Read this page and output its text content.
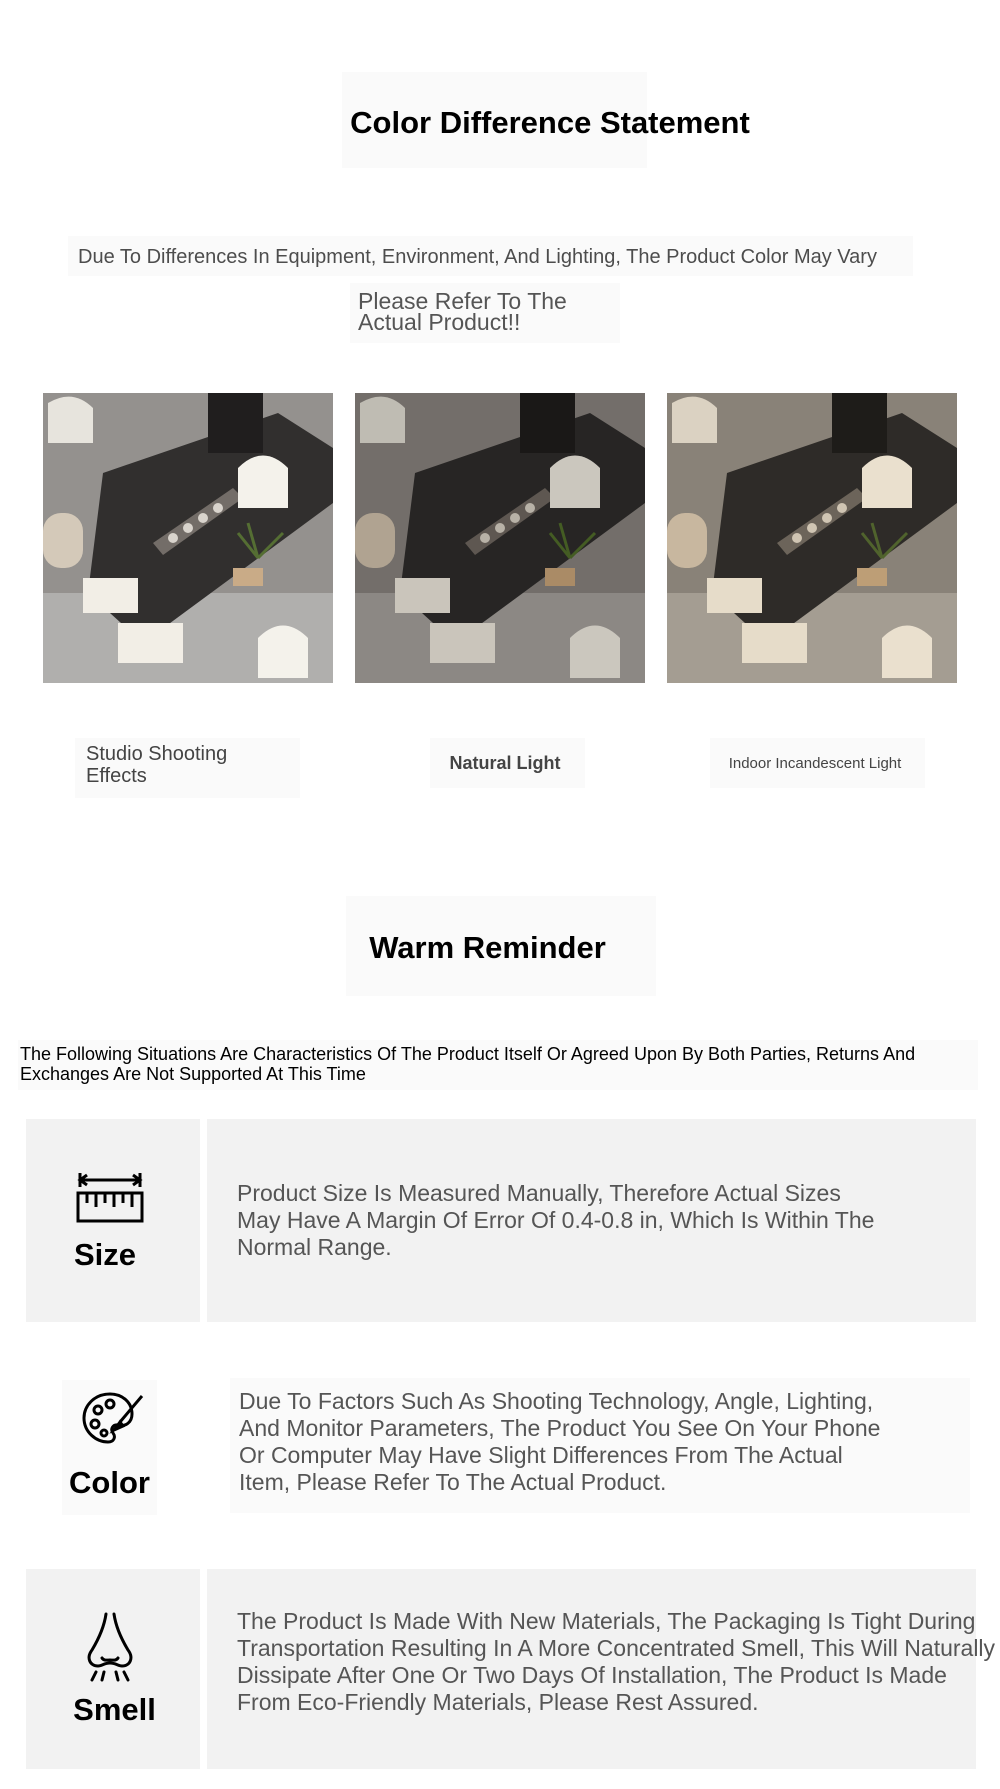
Color Difference Statement
Due To Differences In Equipment, Environment, And Lighting, The Product Color May Vary
Please Refer To The Actual Product!!
Studio Shooting Effects
Natural Light	Indoor Incandescent Light
Warm Reminder
The Following Situations Are Characteristics Of The Product Itself Or Agreed Upon By Both Parties, Returns And Exchanges Are Not Supported At This Time
Size
Product Size Is Measured Manually, Therefore Actual Sizes May Have A Margin Of Error Of 0.4-0.8 in, Which Is Within The Normal Range.
Color
Due To Factors Such As Shooting Technology, Angle, Lighting, And Monitor Parameters, The Product You See On Your Phone Or Computer May Have Slight Differences From The Actual Item, Please Refer To The Actual Product.
Smell
The Product Is Made With New Materials, The Packaging Is Tight During Transportation Resulting In A More Concentrated Smell, This Will Naturally Dissipate After One Or Two Days Of Installation, The Product Is Made From Eco-Friendly Materials, Please Rest Assured.
